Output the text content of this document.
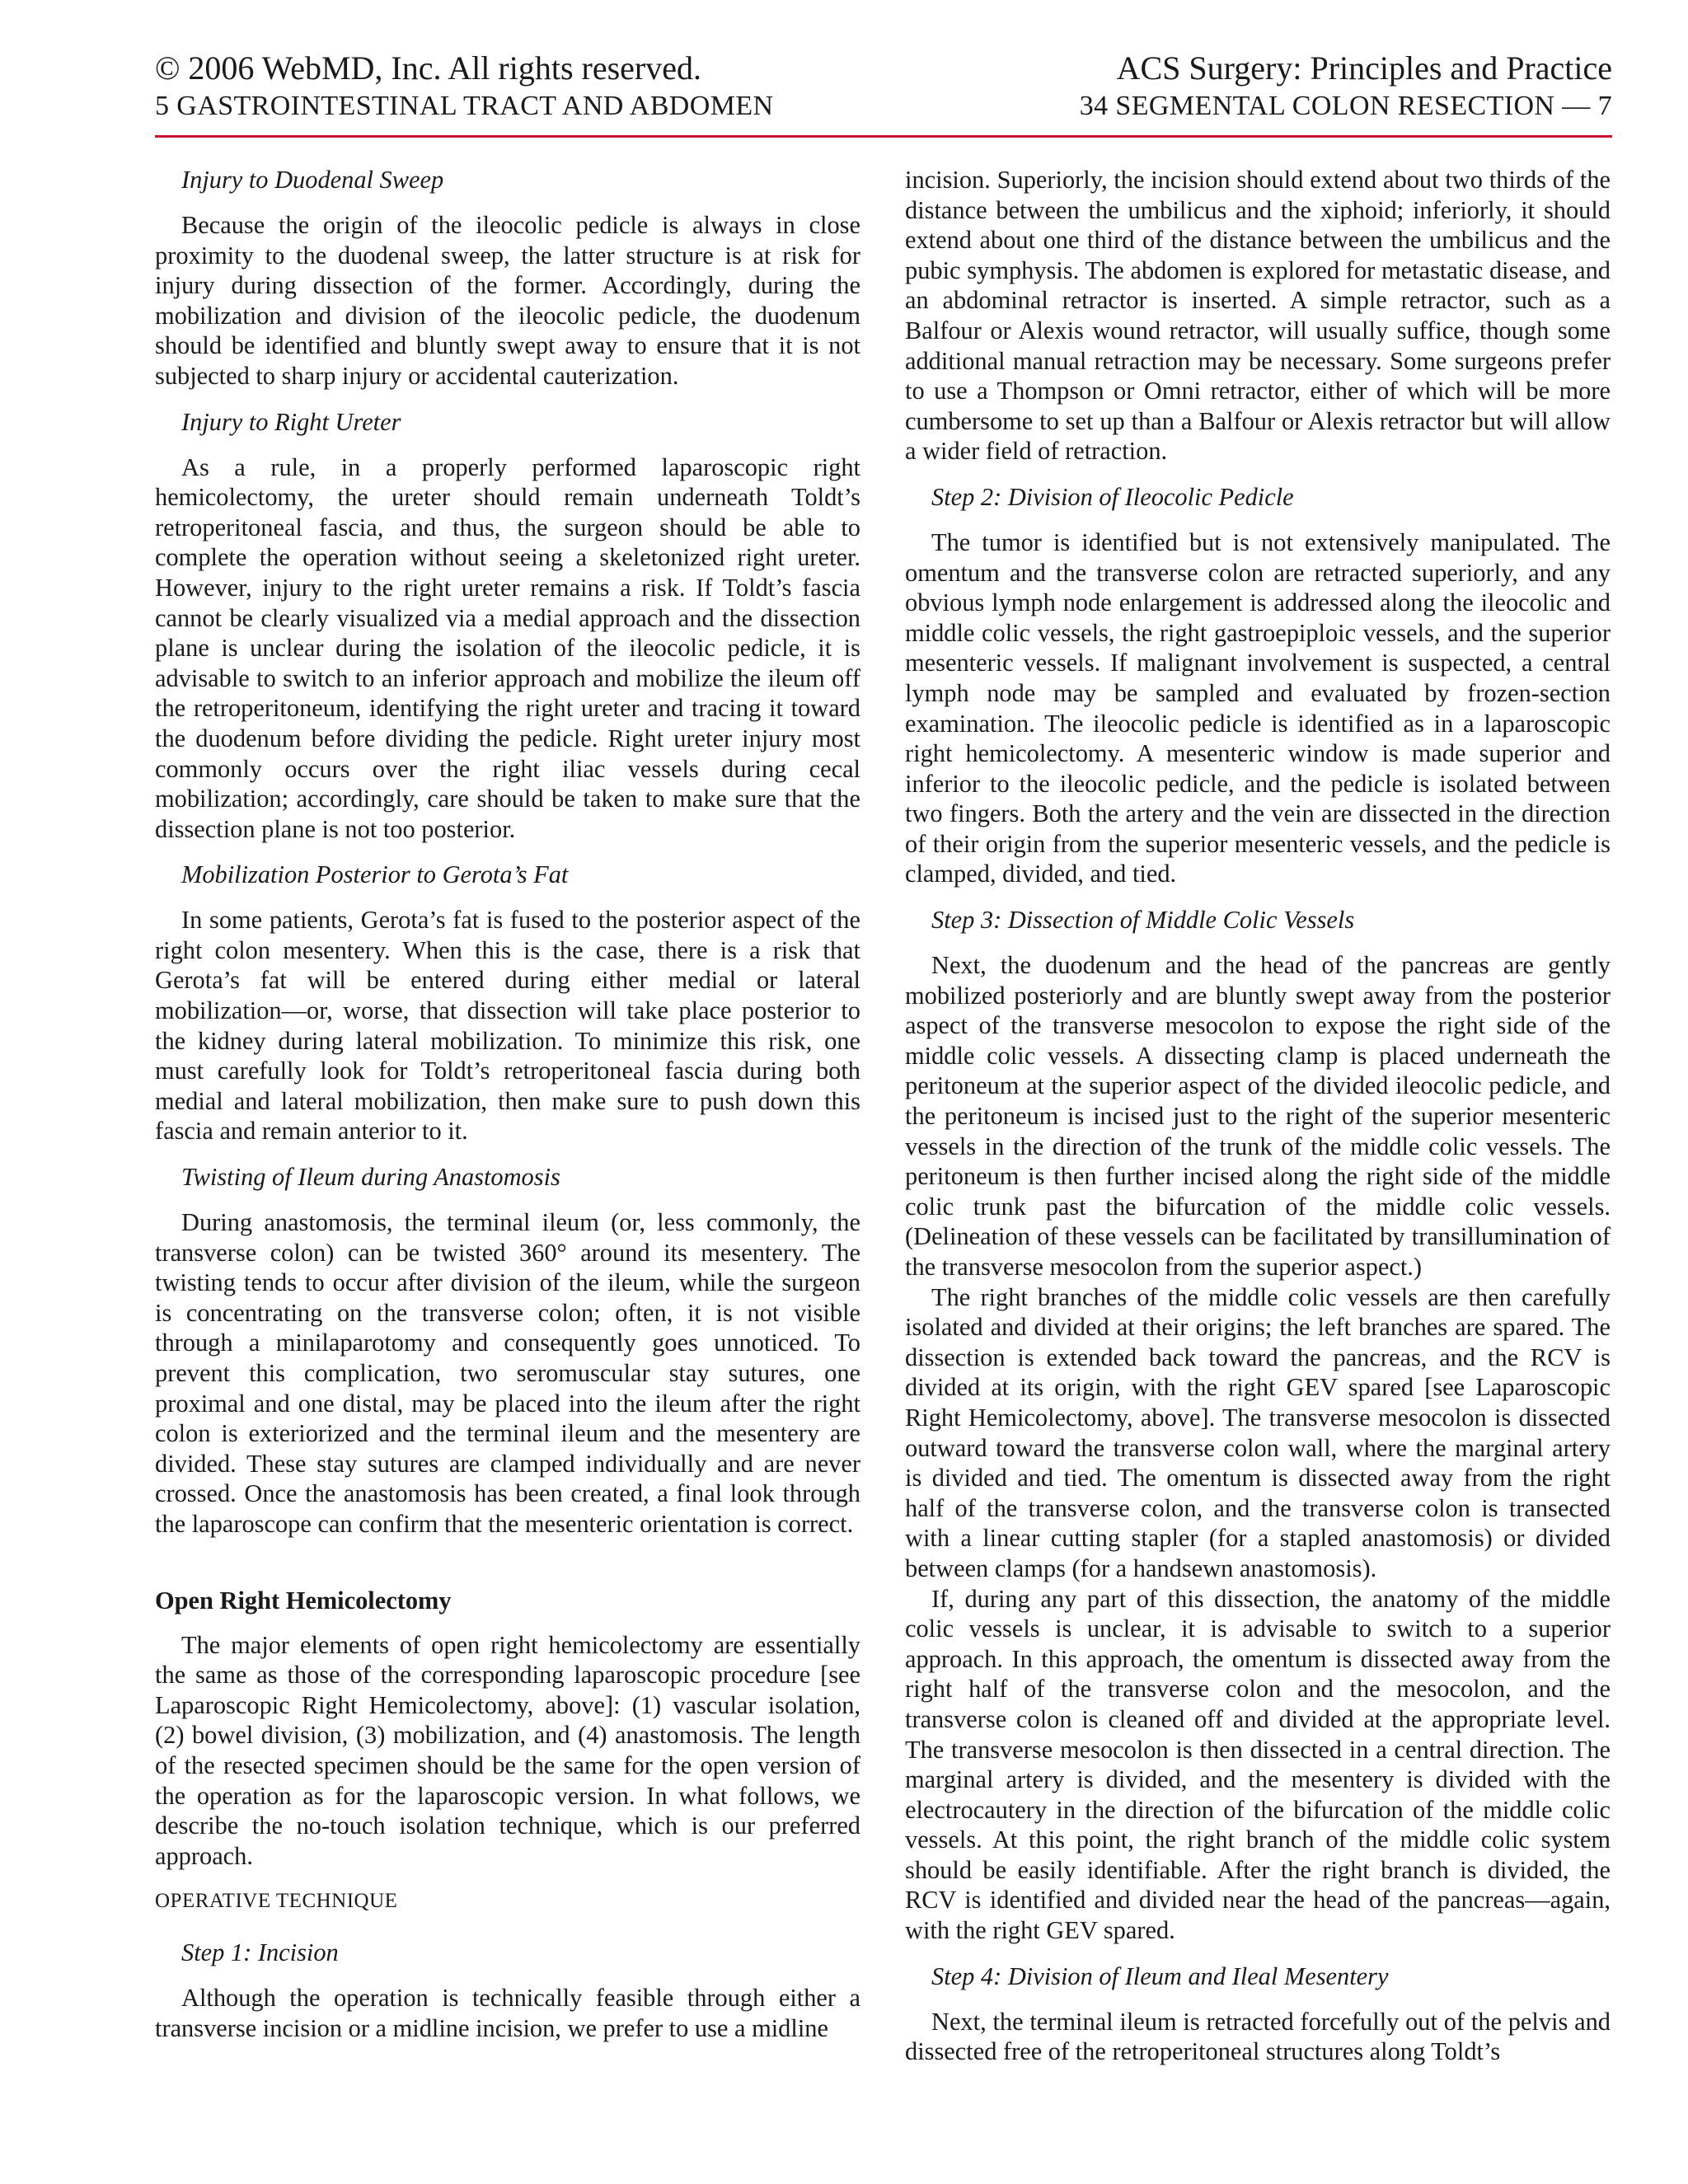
© 2006 WebMD, Inc. All rights reserved.
5 GASTROINTESTINAL TRACT AND ABDOMEN
ACS Surgery: Principles and Practice
34 SEGMENTAL COLON RESECTION — 7
Injury to Duodenal Sweep

Because the origin of the ileocolic pedicle is always in close proximity to the duodenal sweep, the latter structure is at risk for injury during dissection of the former. Accordingly, during the mobilization and division of the ileocolic pedicle, the duodenum should be identified and bluntly swept away to ensure that it is not subjected to sharp injury or accidental cauterization.

Injury to Right Ureter

As a rule, in a properly performed laparoscopic right hemicolectomy, the ureter should remain underneath Toldt’s retroperitoneal fascia, and thus, the surgeon should be able to complete the operation without seeing a skeletonized right ureter. However, injury to the right ureter remains a risk. If Toldt’s fascia cannot be clearly visualized via a medial approach and the dissection plane is unclear during the isolation of the ileocolic pedicle, it is advisable to switch to an inferior approach and mobilize the ileum off the retroperitoneum, identifying the right ureter and tracing it toward the duodenum before dividing the pedicle. Right ureter injury most commonly occurs over the right iliac vessels during cecal mobilization; accordingly, care should be taken to make sure that the dissection plane is not too posterior.

Mobilization Posterior to Gerota’s Fat

In some patients, Gerota’s fat is fused to the posterior aspect of the right colon mesentery. When this is the case, there is a risk that Gerota’s fat will be entered during either medial or lateral mobilization—or, worse, that dissection will take place posterior to the kidney during lateral mobilization. To minimize this risk, one must carefully look for Toldt’s retroperitoneal fascia during both medial and lateral mobilization, then make sure to push down this fascia and remain anterior to it.

Twisting of Ileum during Anastomosis

During anastomosis, the terminal ileum (or, less commonly, the transverse colon) can be twisted 360° around its mesentery. The twisting tends to occur after division of the ileum, while the surgeon is concentrating on the transverse colon; often, it is not visible through a minilaparotomy and consequently goes unnoticed. To prevent this complication, two seromuscular stay sutures, one proximal and one distal, may be placed into the ileum after the right colon is exteriorized and the terminal ileum and the mesentery are divided. These stay sutures are clamped individually and are never crossed. Once the anastomosis has been created, a final look through the laparoscope can confirm that the mesenteric orientation is correct.

Open Right Hemicolectomy

The major elements of open right hemicolectomy are essentially the same as those of the corresponding laparoscopic procedure [see Laparoscopic Right Hemicolectomy, above]: (1) vascular isolation, (2) bowel division, (3) mobilization, and (4) anastomosis. The length of the resected specimen should be the same for the open version of the operation as for the laparoscopic version. In what follows, we describe the no-touch isolation technique, which is our preferred approach.

OPERATIVE TECHNIQUE
Step 1: Incision

Although the operation is technically feasible through either a transverse incision or a midline incision, we prefer to use a midline

incision. Superiorly, the incision should extend about two thirds of the distance between the umbilicus and the xiphoid; inferiorly, it should extend about one third of the distance between the umbilicus and the pubic symphysis. The abdomen is explored for metastatic disease, and an abdominal retractor is inserted. A simple retractor, such as a Balfour or Alexis wound retractor, will usually suffice, though some additional manual retraction may be necessary. Some surgeons prefer to use a Thompson or Omni retractor, either of which will be more cumbersome to set up than a Balfour or Alexis retractor but will allow a wider field of retraction.

Step 2: Division of Ileocolic Pedicle

The tumor is identified but is not extensively manipulated. The omentum and the transverse colon are retracted superiorly, and any obvious lymph node enlargement is addressed along the ileocolic and middle colic vessels, the right gastroepiploic vessels, and the superior mesenteric vessels. If malignant involvement is suspected, a central lymph node may be sampled and evaluated by frozen-section examination. The ileocolic pedicle is identified as in a laparoscopic right hemicolectomy. A mesenteric window is made superior and inferior to the ileocolic pedicle, and the pedicle is isolated between two fingers. Both the artery and the vein are dissected in the direction of their origin from the superior mesenteric vessels, and the pedicle is clamped, divided, and tied.

Step 3: Dissection of Middle Colic Vessels

Next, the duodenum and the head of the pancreas are gently mobilized posteriorly and are bluntly swept away from the posterior aspect of the transverse mesocolon to expose the right side of the middle colic vessels. A dissecting clamp is placed underneath the peritoneum at the superior aspect of the divided ileocolic pedicle, and the peritoneum is incised just to the right of the superior mesenteric vessels in the direction of the trunk of the middle colic vessels. The peritoneum is then further incised along the right side of the middle colic trunk past the bifurcation of the middle colic vessels. (Delineation of these vessels can be facilitated by transillumination of the transverse mesocolon from the superior aspect.)

The right branches of the middle colic vessels are then carefully isolated and divided at their origins; the left branches are spared. The dissection is extended back toward the pancreas, and the RCV is divided at its origin, with the right GEV spared [see Laparoscopic Right Hemicolectomy, above]. The transverse mesocolon is dissected outward toward the transverse colon wall, where the marginal artery is divided and tied. The omentum is dissected away from the right half of the transverse colon, and the transverse colon is transected with a linear cutting stapler (for a stapled anastomosis) or divided between clamps (for a handsewn anastomosis).

If, during any part of this dissection, the anatomy of the middle colic vessels is unclear, it is advisable to switch to a superior approach. In this approach, the omentum is dissected away from the right half of the transverse colon and the mesocolon, and the transverse colon is cleaned off and divided at the appropriate level. The transverse mesocolon is then dissected in a central direction. The marginal artery is divided, and the mesentery is divided with the electrocautery in the direction of the bifurcation of the middle colic vessels. At this point, the right branch of the middle colic system should be easily identifiable. After the right branch is divided, the RCV is identified and divided near the head of the pancreas—again, with the right GEV spared.

Step 4: Division of Ileum and Ileal Mesentery

Next, the terminal ileum is retracted forcefully out of the pelvis and dissected free of the retroperitoneal structures along Toldt’s
